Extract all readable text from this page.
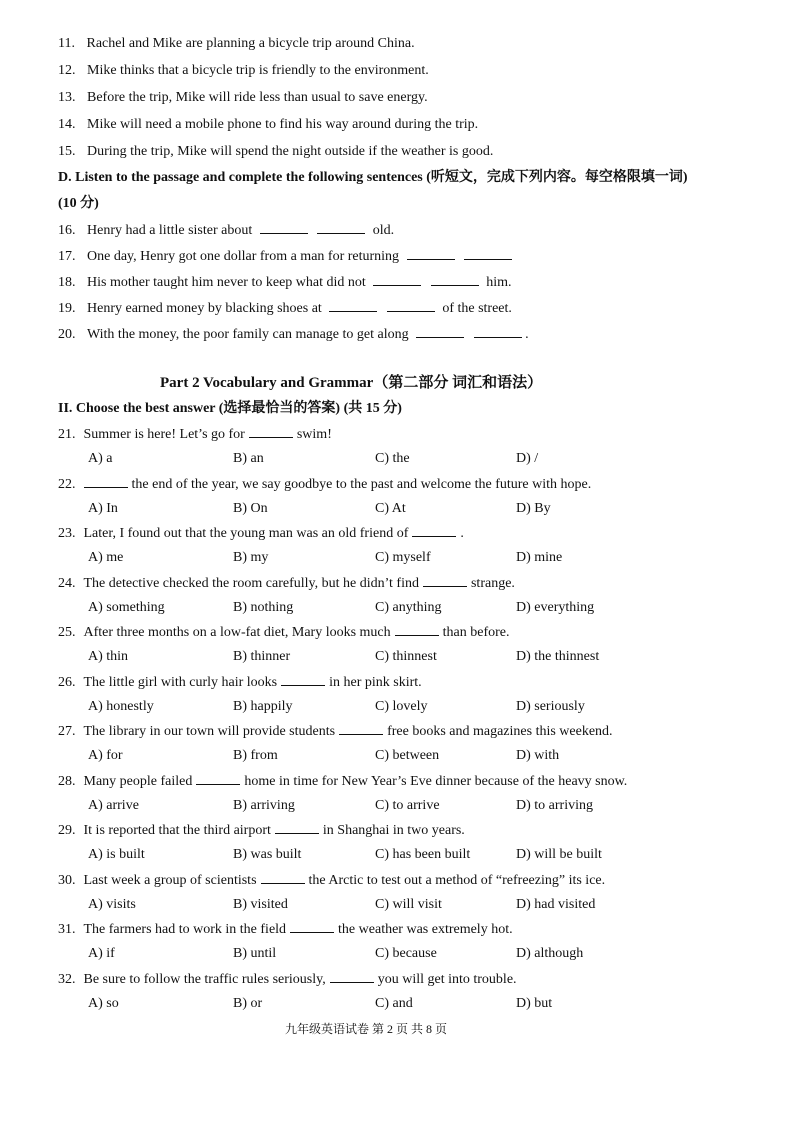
11. Rachel and Mike are planning a bicycle trip around China.
12. Mike thinks that a bicycle trip is friendly to the environment.
13. Before the trip, Mike will ride less than usual to save energy.
14. Mike will need a mobile phone to find his way around during the trip.
15. During the trip, Mike will spend the night outside if the weather is good.
D. Listen to the passage and complete the following sentences (听短文，完成下列内容。每空格限填一词)
(10 分)
16. Henry had a little sister about	old.
17. One day, Henry got one dollar from a man for returning
18. His mother taught him never to keep what did not	him.
19. Henry earned money by blacking shoes at	of the street.
20. With the money, the poor family can manage to get along	.
Part 2 Vocabulary and Grammar（第二部分 词汇和语法）
II. Choose the best answer (选择最恰当的答案) (共 15 分)
21. Summer is here! Let’s go for	swim!
A) a	B) an	C) the	D) /
22.	the end of the year, we say goodbye to the past and welcome the future with hope.
A) In	B) On	C) At	D) By
23. Later, I found out that the young man was an old friend of	.
A) me	B) my	C) myself	D) mine
24. The detective checked the room carefully, but he didn’t find	strange.
A) something	B) nothing	C) anything	D) everything
25. After three months on a low-fat diet, Mary looks much	than before.
A) thin	B) thinner	C) thinnest	D) the thinnest
26. The little girl with curly hair looks	in her pink skirt.
A) honestly	B) happily	C) lovely	D) seriously
27. The library in our town will provide students	free books and magazines this weekend.
A) for	B) from	C) between	D) with
28. Many people failed	home in time for New Year’s Eve dinner because of the heavy snow.
A) arrive	B) arriving	C) to arrive	D) to arriving
29. It is reported that the third airport	in Shanghai in two years.
A) is built	B) was built	C) has been built	D) will be built
30. Last week a group of scientists	the Arctic to test out a method of “refreezing” its ice.
A) visits	B) visited	C) will visit	D) had visited
31. The farmers had to work in the field	the weather was extremely hot.
A) if	B) until	C) because	D) although
32. Be sure to follow the traffic rules seriously,	you will get into trouble.
A) so	B) or	C) and	D) but
九年级英语试卷 第 2 页 共 8 页
